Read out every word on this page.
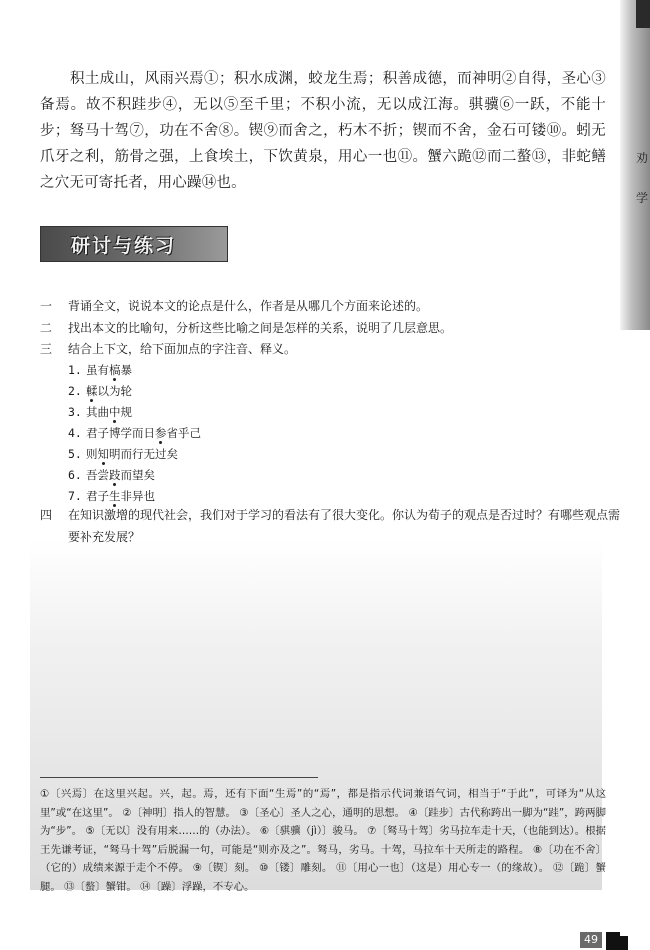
劝
学

积土成山，风雨兴焉①；积水成渊，蛟龙生焉；积善成德，而神明②自得，圣心③备焉。故不积跬步④，无以⑤至千里；不积小流，无以成江海。骐骥⑥一跃，不能十步；驽马十驾⑦，功在不舍⑧。锲⑨而舍之，朽木不折；锲而不舍，金石可镂⑩。蚓无爪牙之利，筋骨之强，上食埃土，下饮黄泉，用心一也⑪。蟹六跪⑫而二螯⑬，非蛇鳝之穴无可寄托者，用心躁⑭也。

研讨与练习
一 背诵全文，说说本文的论点是什么，作者是从哪几个方面来论述的。
二 找出本文的比喻句，分析这些比喻之间是怎样的关系，说明了几层意思。
三 结合上下文，给下面加点的字注音、释义。
1. 虽有槁暴
2. 輮以为轮
3. 其曲中规
4. 君子博学而日参省乎己
5. 则知明而行无过矣
6. 吾尝跂而望矣
7. 君子生非异也
四	在知识激增的现代社会，我们对于学习的看法有了很大变化。你认为荀子的观点是否过时？有哪些观点需要补充发展？
①〔兴焉〕在这里兴起。兴，起。焉，还有下面“生焉”的“焉”，都是指示代词兼语气词，相当于“于此”，可译为“从这里”或“在这里”。 ②〔神明〕指人的智慧。 ③〔圣心〕圣人之心，通明的思想。 ④〔跬步〕古代称跨出一脚为“跬”，跨两脚为“步”。 ⑤〔无以〕没有用来……的（办法）。 ⑥〔骐骥（jì）〕骏马。 ⑦〔驽马十驾〕劣马拉车走十天，（也能到达）。根据王先谦考证，“驽马十驾”后脱漏一句，可能是“则亦及之”。驽马，劣马。十驾，马拉车十天所走的路程。 ⑧〔功在不舍〕（它的）成绩来源于走个不停。 ⑨〔锲〕刻。 ⑩〔镂〕雕刻。 ⑪〔用心一也〕（这是）用心专一（的缘故）。 ⑫〔跪〕蟹腿。 ⑬〔螯〕蟹钳。 ⑭〔躁〕浮躁，不专心。
49
